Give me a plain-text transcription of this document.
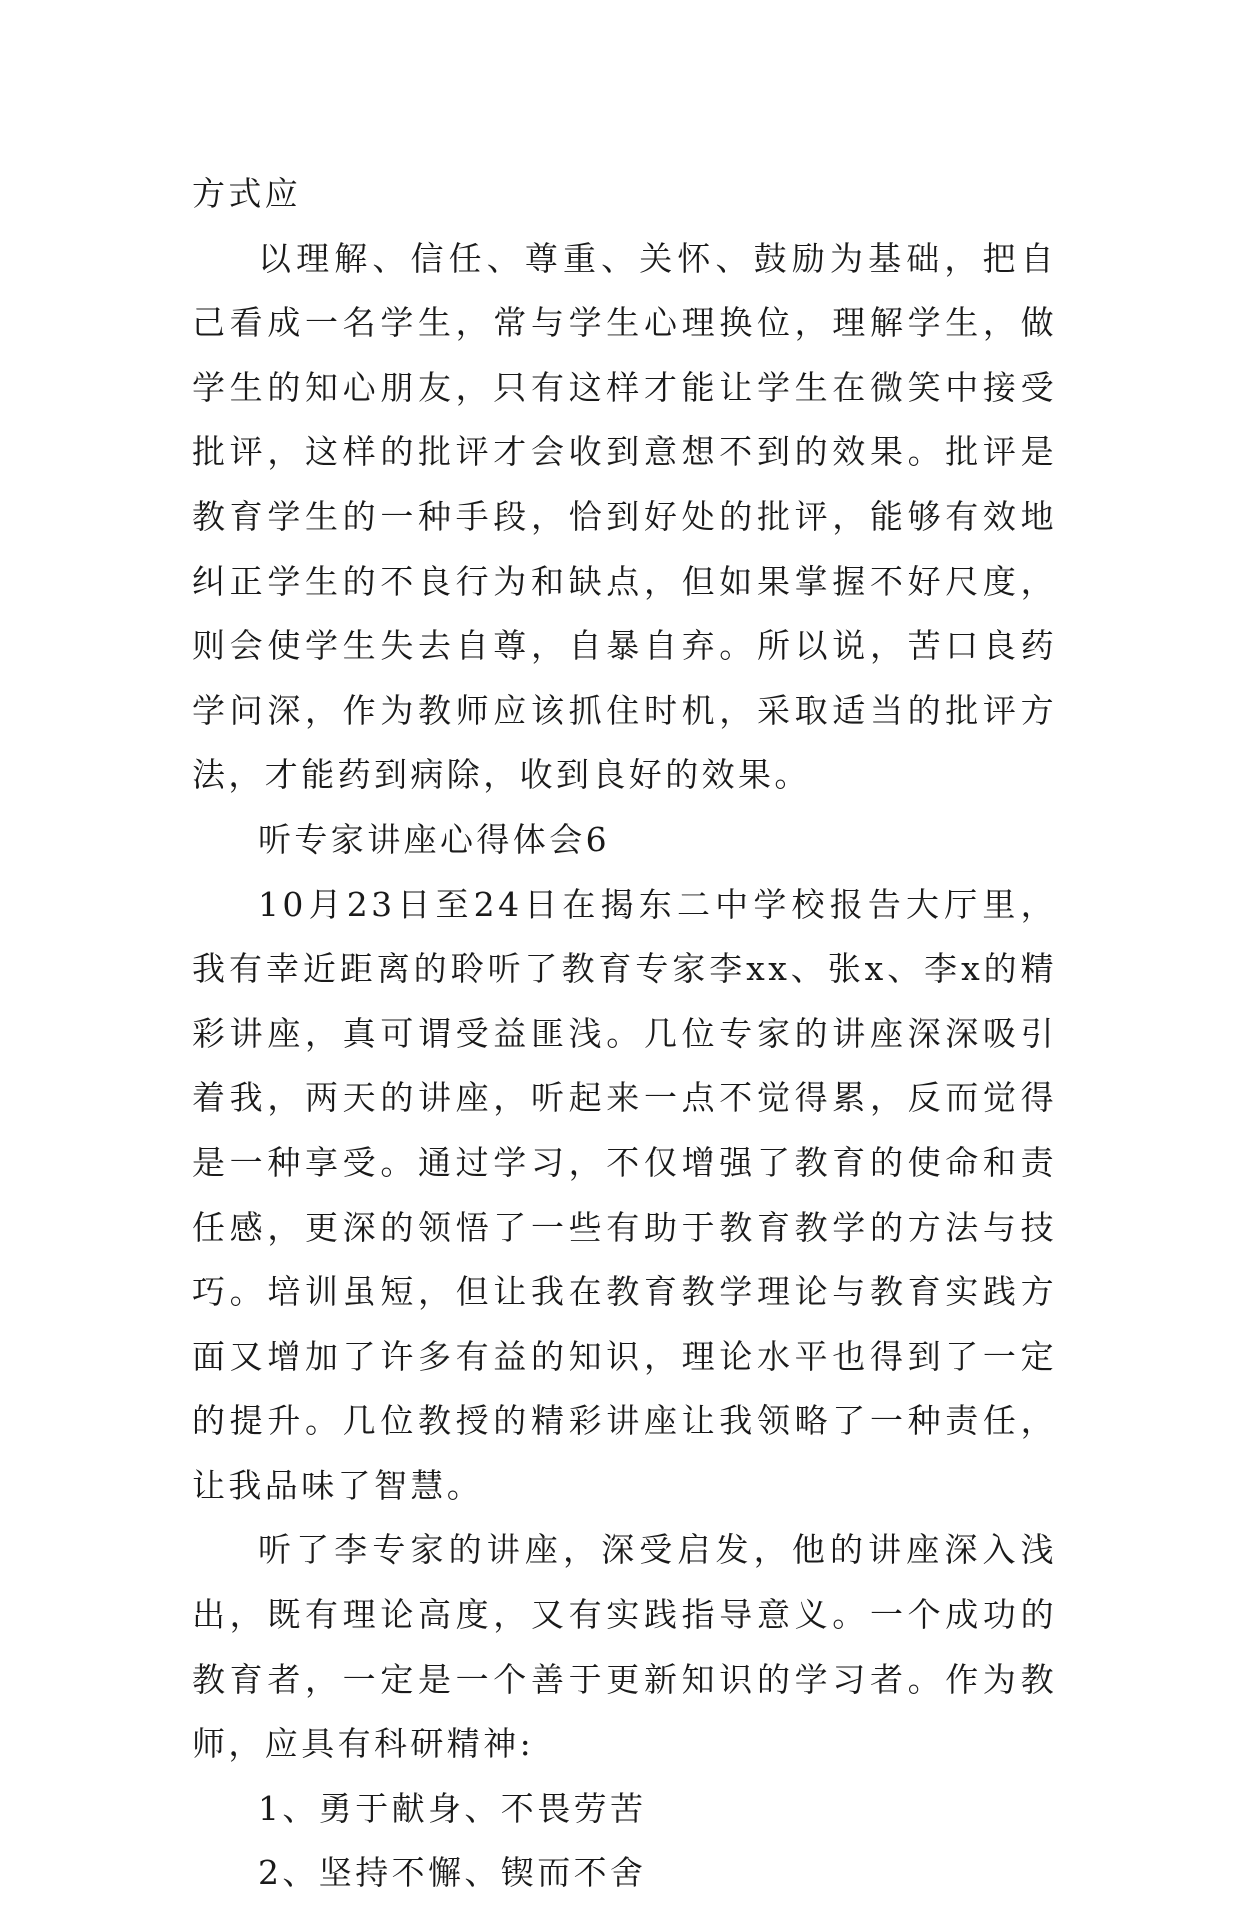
方式应

以理解、信任、尊重、关怀、鼓励为基础，把自己看成一名学生，常与学生心理换位，理解学生，做学生的知心朋友，只有这样才能让学生在微笑中接受批评，这样的批评才会收到意想不到的效果。批评是教育学生的一种手段，恰到好处的批评，能够有效地纠正学生的不良行为和缺点，但如果掌握不好尺度，则会使学生失去自尊，自暴自弃。所以说，苦口良药学问深，作为教师应该抓住时机，采取适当的批评方法，才能药到病除，收到良好的效果。

听专家讲座心得体会6

10月23日至24日在揭东二中学校报告大厅里，我有幸近距离的聆听了教育专家李xx、张x、李x的精彩讲座，真可谓受益匪浅。几位专家的讲座深深吸引着我，两天的讲座，听起来一点不觉得累，反而觉得是一种享受。通过学习，不仅增强了教育的使命和责任感，更深的领悟了一些有助于教育教学的方法与技巧。培训虽短，但让我在教育教学理论与教育实践方面又增加了许多有益的知识，理论水平也得到了一定的提升。几位教授的精彩讲座让我领略了一种责任，让我品味了智慧。

听了李专家的讲座，深受启发，他的讲座深入浅出，既有理论高度，又有实践指导意义。一个成功的教育者，一定是一个善于更新知识的学习者。作为教师，应具有科研精神:

1、勇于献身、不畏劳苦

2、坚持不懈、锲而不舍
